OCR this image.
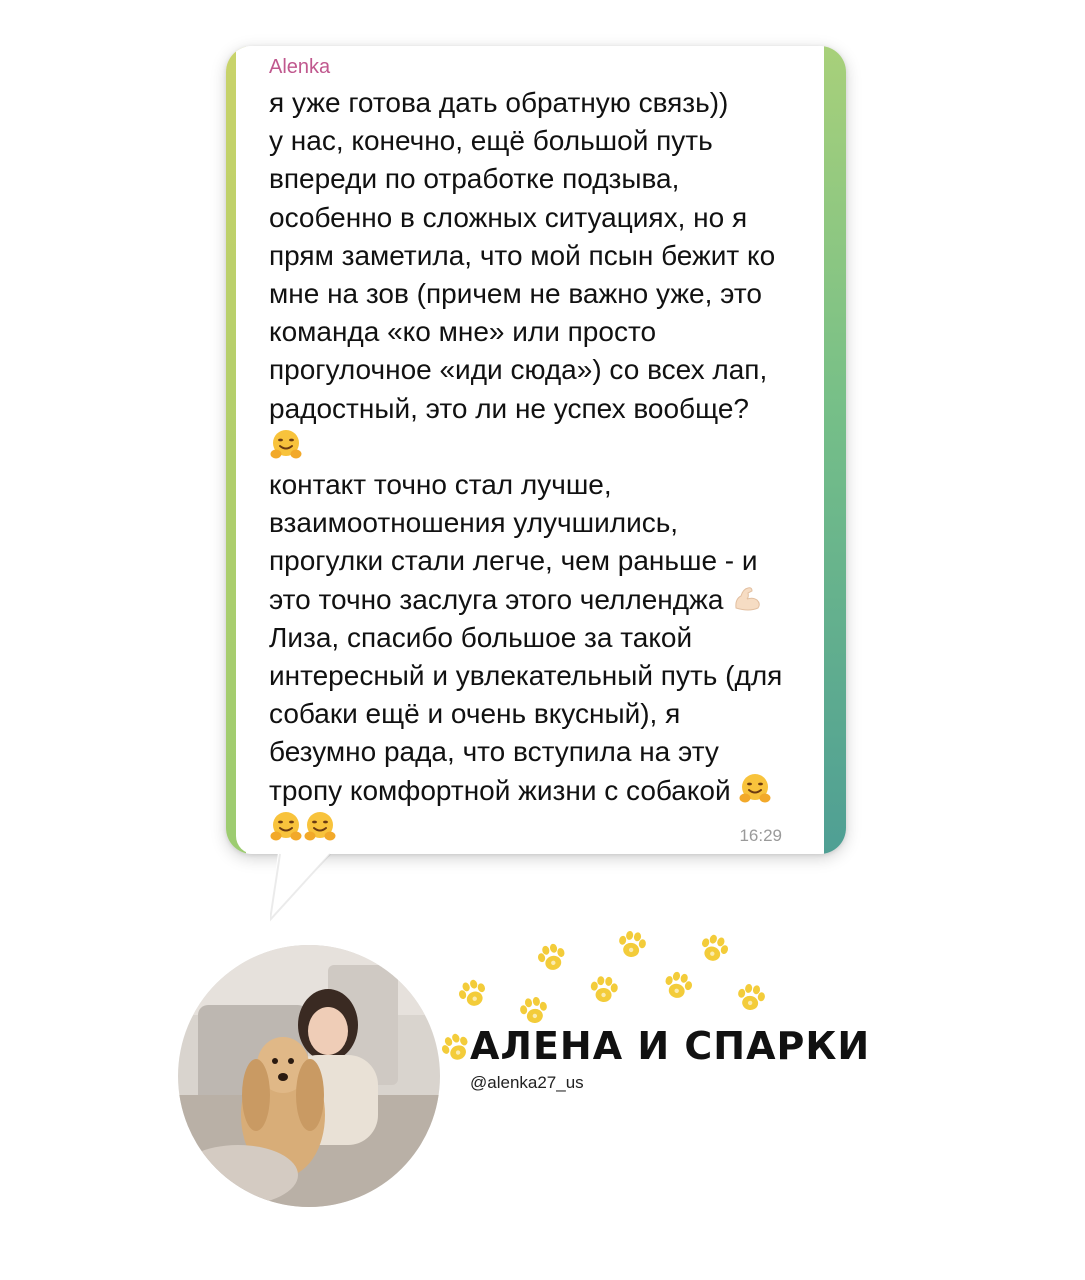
Alenka
я уже готова дать обратную связь))
у нас, конечно, ещё большой путь
впереди по отработке подзыва,
особенно в сложных ситуациях, но я
прям заметила, что мой псын бежит ко
мне на зов (причем не важно уже, это
команда «ко мне» или просто
прогулочное «иди сюда») со всех лап,
радостный, это ли не успех вообще?
контакт точно стал лучше,
взаимоотношения улучшились,
прогулки стали легче, чем раньше - и
это точно заслуга этого челленджа
Лиза, спасибо большое за такой
интересный и увлекательный путь (для
собаки ещё и очень вкусный), я
безумно рада, что вступила на эту
тропу комфортной жизни с собакой
16:29
АЛЕНА И СПАРКИ
@alenka27_us
